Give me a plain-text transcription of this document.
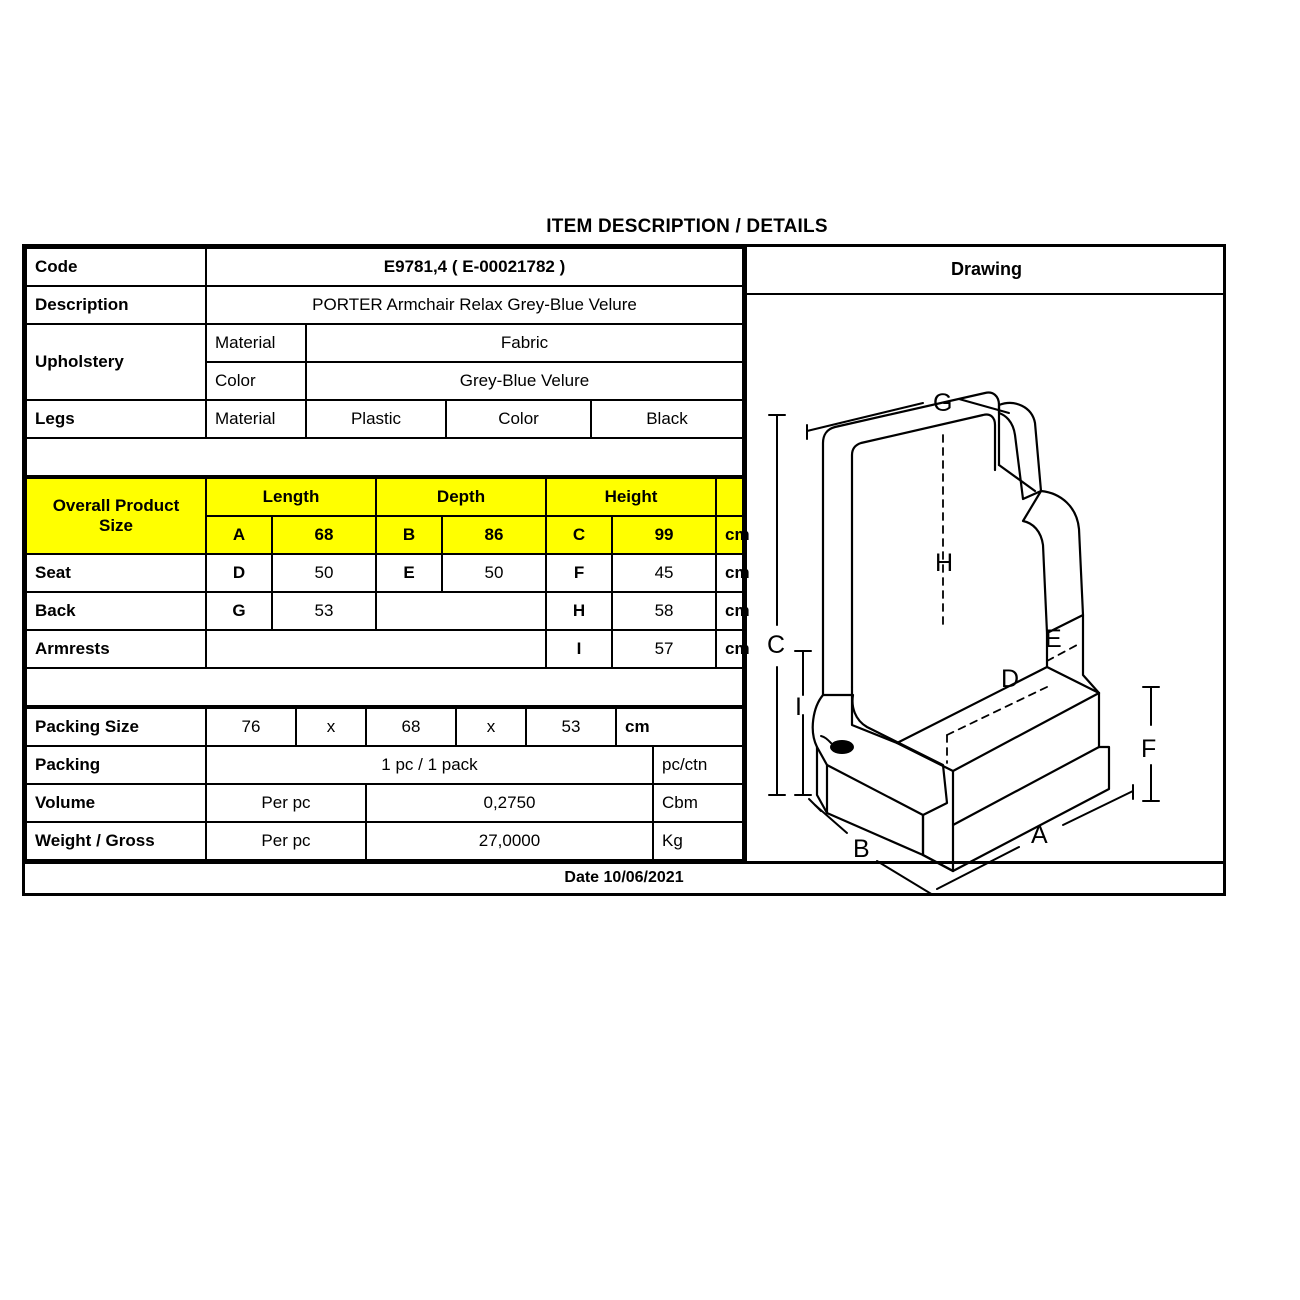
ITEM DESCRIPTION / DETAILS
Code	E9781,4 ( E-00021782 )			
Description	PORTER Armchair Relax Grey-Blue Velure			
Upholstery	Material	Fabric		
	Color	Grey-Blue Velure		
Legs	Material	Plastic	Color	Black

Overall Product Size	Length		Depth		Height		
	A	68	B	86	C	99	cm
Seat	D	50	E	50	F	45	cm
Back	G	53			H	58	cm
Armrests					I	57	cm

Packing Size	76	x	68	x	53	cm	
Packing	1 pc / 1 pack						pc/ctn
Volume	Per pc		0,2750				Cbm
Weight / Gross	Per pc		27,0000				Kg
Drawing
G
H
C
I
E
D
F
B	A
Date 10/06/2021
